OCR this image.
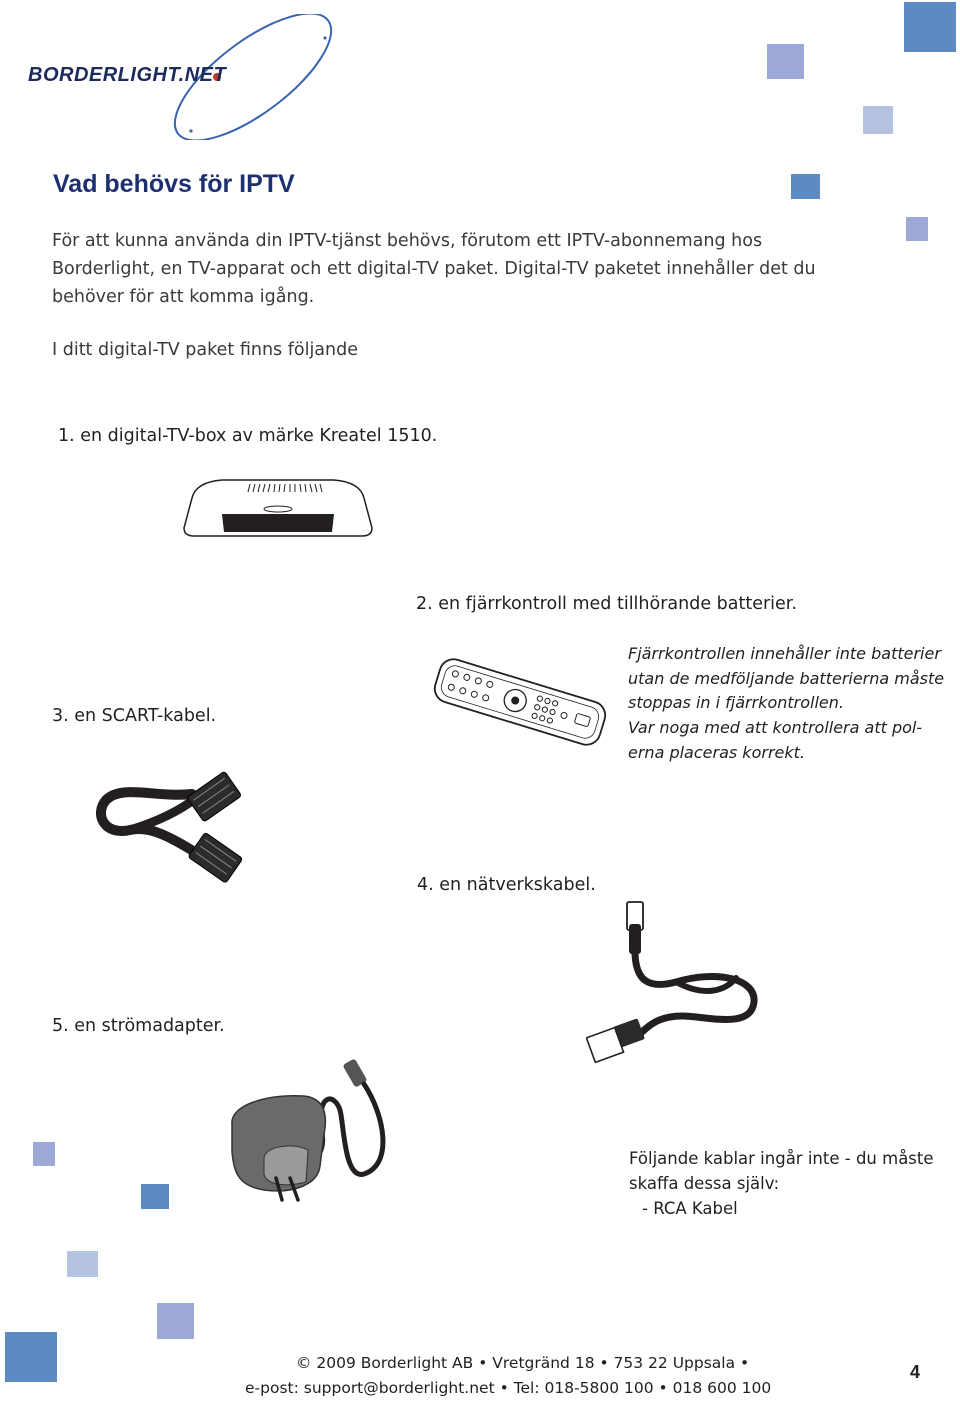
BORDERLIGHT.NET
Vad behövs för IPTV

För att kunna använda din IPTV-tjänst behövs, förutom ett IPTV-abonnemang hos Borderlight, en TV-apparat och ett digital-TV paket. Digital-TV paketet innehåller det du behöver för att komma igång.

I ditt digital-TV paket finns följande
1. en digital-TV-box av märke Kreatel 1510.
2. en fjärrkontroll med tillhörande batterier.
Fjärrkontrollen innehåller inte batterier
utan de medföljande batterierna måste
stoppas in i fjärrkontrollen.
Var noga med att kontrollera att pol-
erna placeras korrekt.
3. en SCART-kabel.
4. en nätverkskabel.
5. en strömadapter.
Följande kablar ingår inte - du måste
skaffa dessa själv:
- RCA Kabel
© 2009 Borderlight AB • Vretgränd 18 • 753 22 Uppsala •
e-post: support@borderlight.net • Tel: 018-5800 100 • 018 600 100
4
